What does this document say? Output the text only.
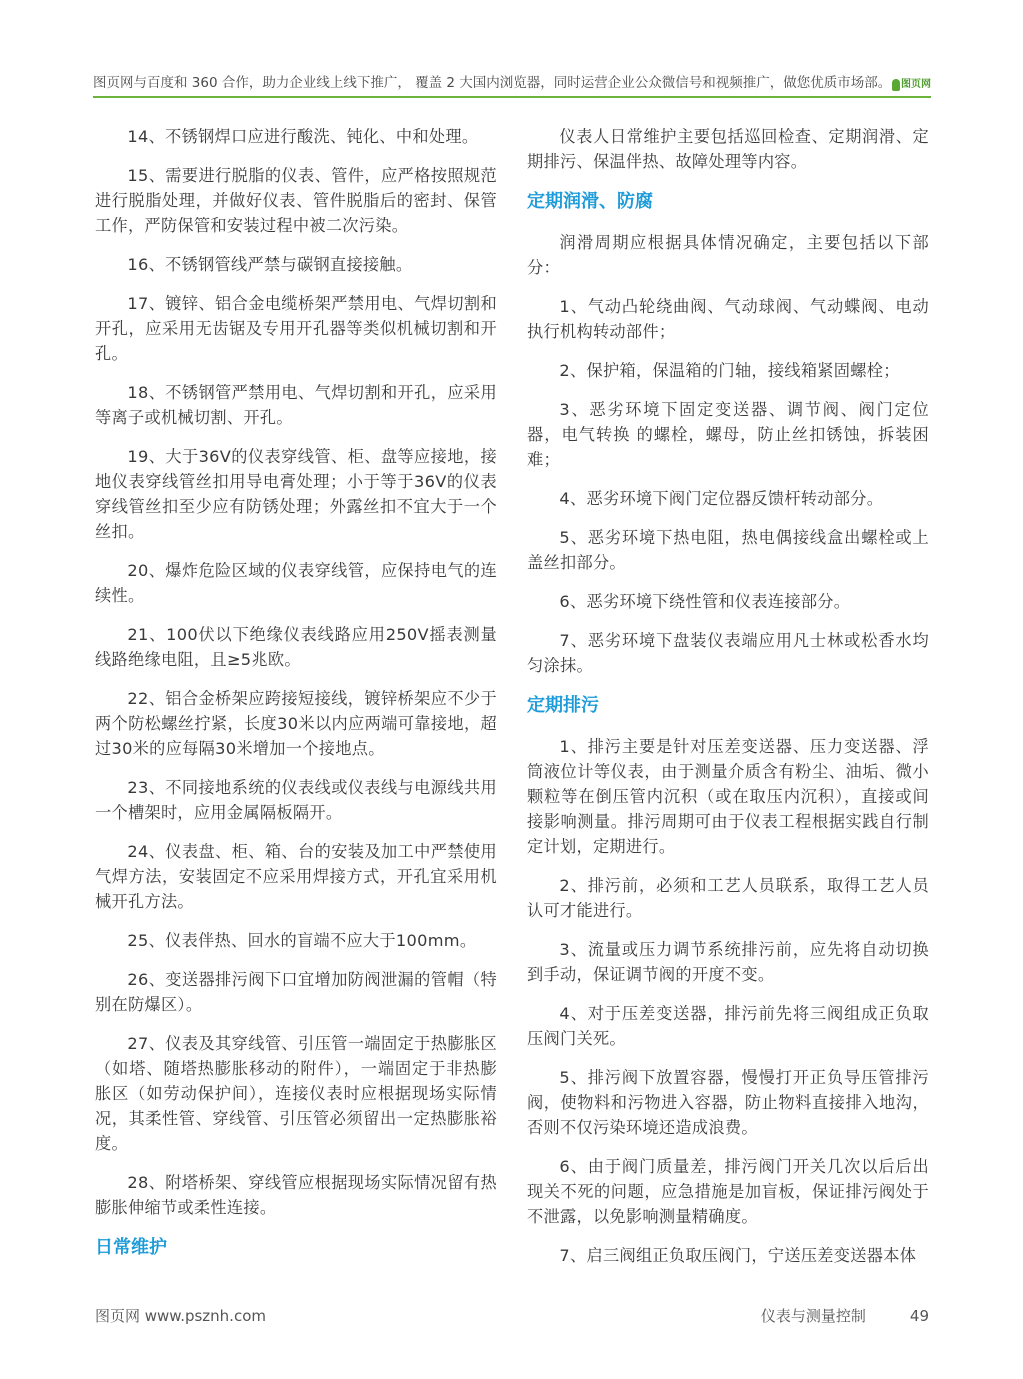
图页网与百度和 360 合作，助力企业线上线下推广， 覆盖 2 大国内浏览器，同时运营企业公众微信号和视频推广，做您优质市场部。 图页网

14、不锈钢焊口应进行酸洗、钝化、中和处理。

15、需要进行脱脂的仪表、管件，应严格按照规范进行脱脂处理，并做好仪表、管件脱脂后的密封、保管工作，严防保管和安装过程中被二次污染。

16、不锈钢管线严禁与碳钢直接接触。

17、镀锌、铝合金电缆桥架严禁用电、气焊切割和开孔，应采用无齿锯及专用开孔器等类似机械切割和开孔。

18、不锈钢管严禁用电、气焊切割和开孔，应采用等离子或机械切割、开孔。

19、大于36V的仪表穿线管、柜、盘等应接地，接地仪表穿线管丝扣用导电膏处理；小于等于36V的仪表穿线管丝扣至少应有防锈处理；外露丝扣不宜大于一个丝扣。

20、爆炸危险区域的仪表穿线管，应保持电气的连续性。

21、100伏以下绝缘仪表线路应用250V摇表测量线路绝缘电阻，且≥5兆欧。

22、铝合金桥架应跨接短接线，镀锌桥架应不少于两个防松螺丝拧紧，长度30米以内应两端可靠接地，超过30米的应每隔30米增加一个接地点。

23、不同接地系统的仪表线或仪表线与电源线共用一个槽架时，应用金属隔板隔开。

24、仪表盘、柜、箱、台的安装及加工中严禁使用气焊方法，安装固定不应采用焊接方式，开孔宜采用机械开孔方法。

25、仪表伴热、回水的盲端不应大于100mm。

26、变送器排污阀下口宜增加防阀泄漏的管帽（特别在防爆区）。

27、仪表及其穿线管、引压管一端固定于热膨胀区（如塔、随塔热膨胀移动的附件），一端固定于非热膨胀区（如劳动保护间），连接仪表时应根据现场实际情况，其柔性管、穿线管、引压管必须留出一定热膨胀裕度。

28、附塔桥架、穿线管应根据现场实际情况留有热膨胀伸缩节或柔性连接。

日常维护

仪表人日常维护主要包括巡回检查、定期润滑、定期排污、保温伴热、故障处理等内容。

定期润滑、防腐

润滑周期应根据具体情况确定，主要包括以下部分：

1、气动凸轮绕曲阀、气动球阀、气动蝶阀、电动执行机构转动部件；

2、保护箱，保温箱的门轴，接线箱紧固螺栓；

3、恶劣环境下固定变送器、调节阀、阀门定位器，电气转换 的螺栓，螺母，防止丝扣锈蚀，拆装困难；

4、恶劣环境下阀门定位器反馈杆转动部分。

5、恶劣环境下热电阻，热电偶接线盒出螺栓或上盖丝扣部分。

6、恶劣环境下绕性管和仪表连接部分。

7、恶劣环境下盘装仪表端应用凡士林或松香水均匀涂抹。

定期排污

1、排污主要是针对压差变送器、压力变送器、浮筒液位计等仪表，由于测量介质含有粉尘、油垢、微小颗粒等在倒压管内沉积（或在取压内沉积），直接或间接影响测量。排污周期可由于仪表工程根据实践自行制定计划，定期进行。

2、排污前，必须和工艺人员联系，取得工艺人员认可才能进行。

3、流量或压力调节系统排污前，应先将自动切换到手动，保证调节阀的开度不变。

4、对于压差变送器，排污前先将三阀组成正负取压阀门关死。

5、排污阀下放置容器，慢慢打开正负导压管排污阀，使物料和污物进入容器，防止物料直接排入地沟，否则不仅污染环境还造成浪费。

6、由于阀门质量差，排污阀门开关几次以后后出现关不死的问题，应急措施是加盲板，保证排污阀处于不泄露，以免影响测量精确度。

7、启三阀组正负取压阀门，宁送压差变送器本体

图页网 www.psznh.com	仪表与测量控制	49
